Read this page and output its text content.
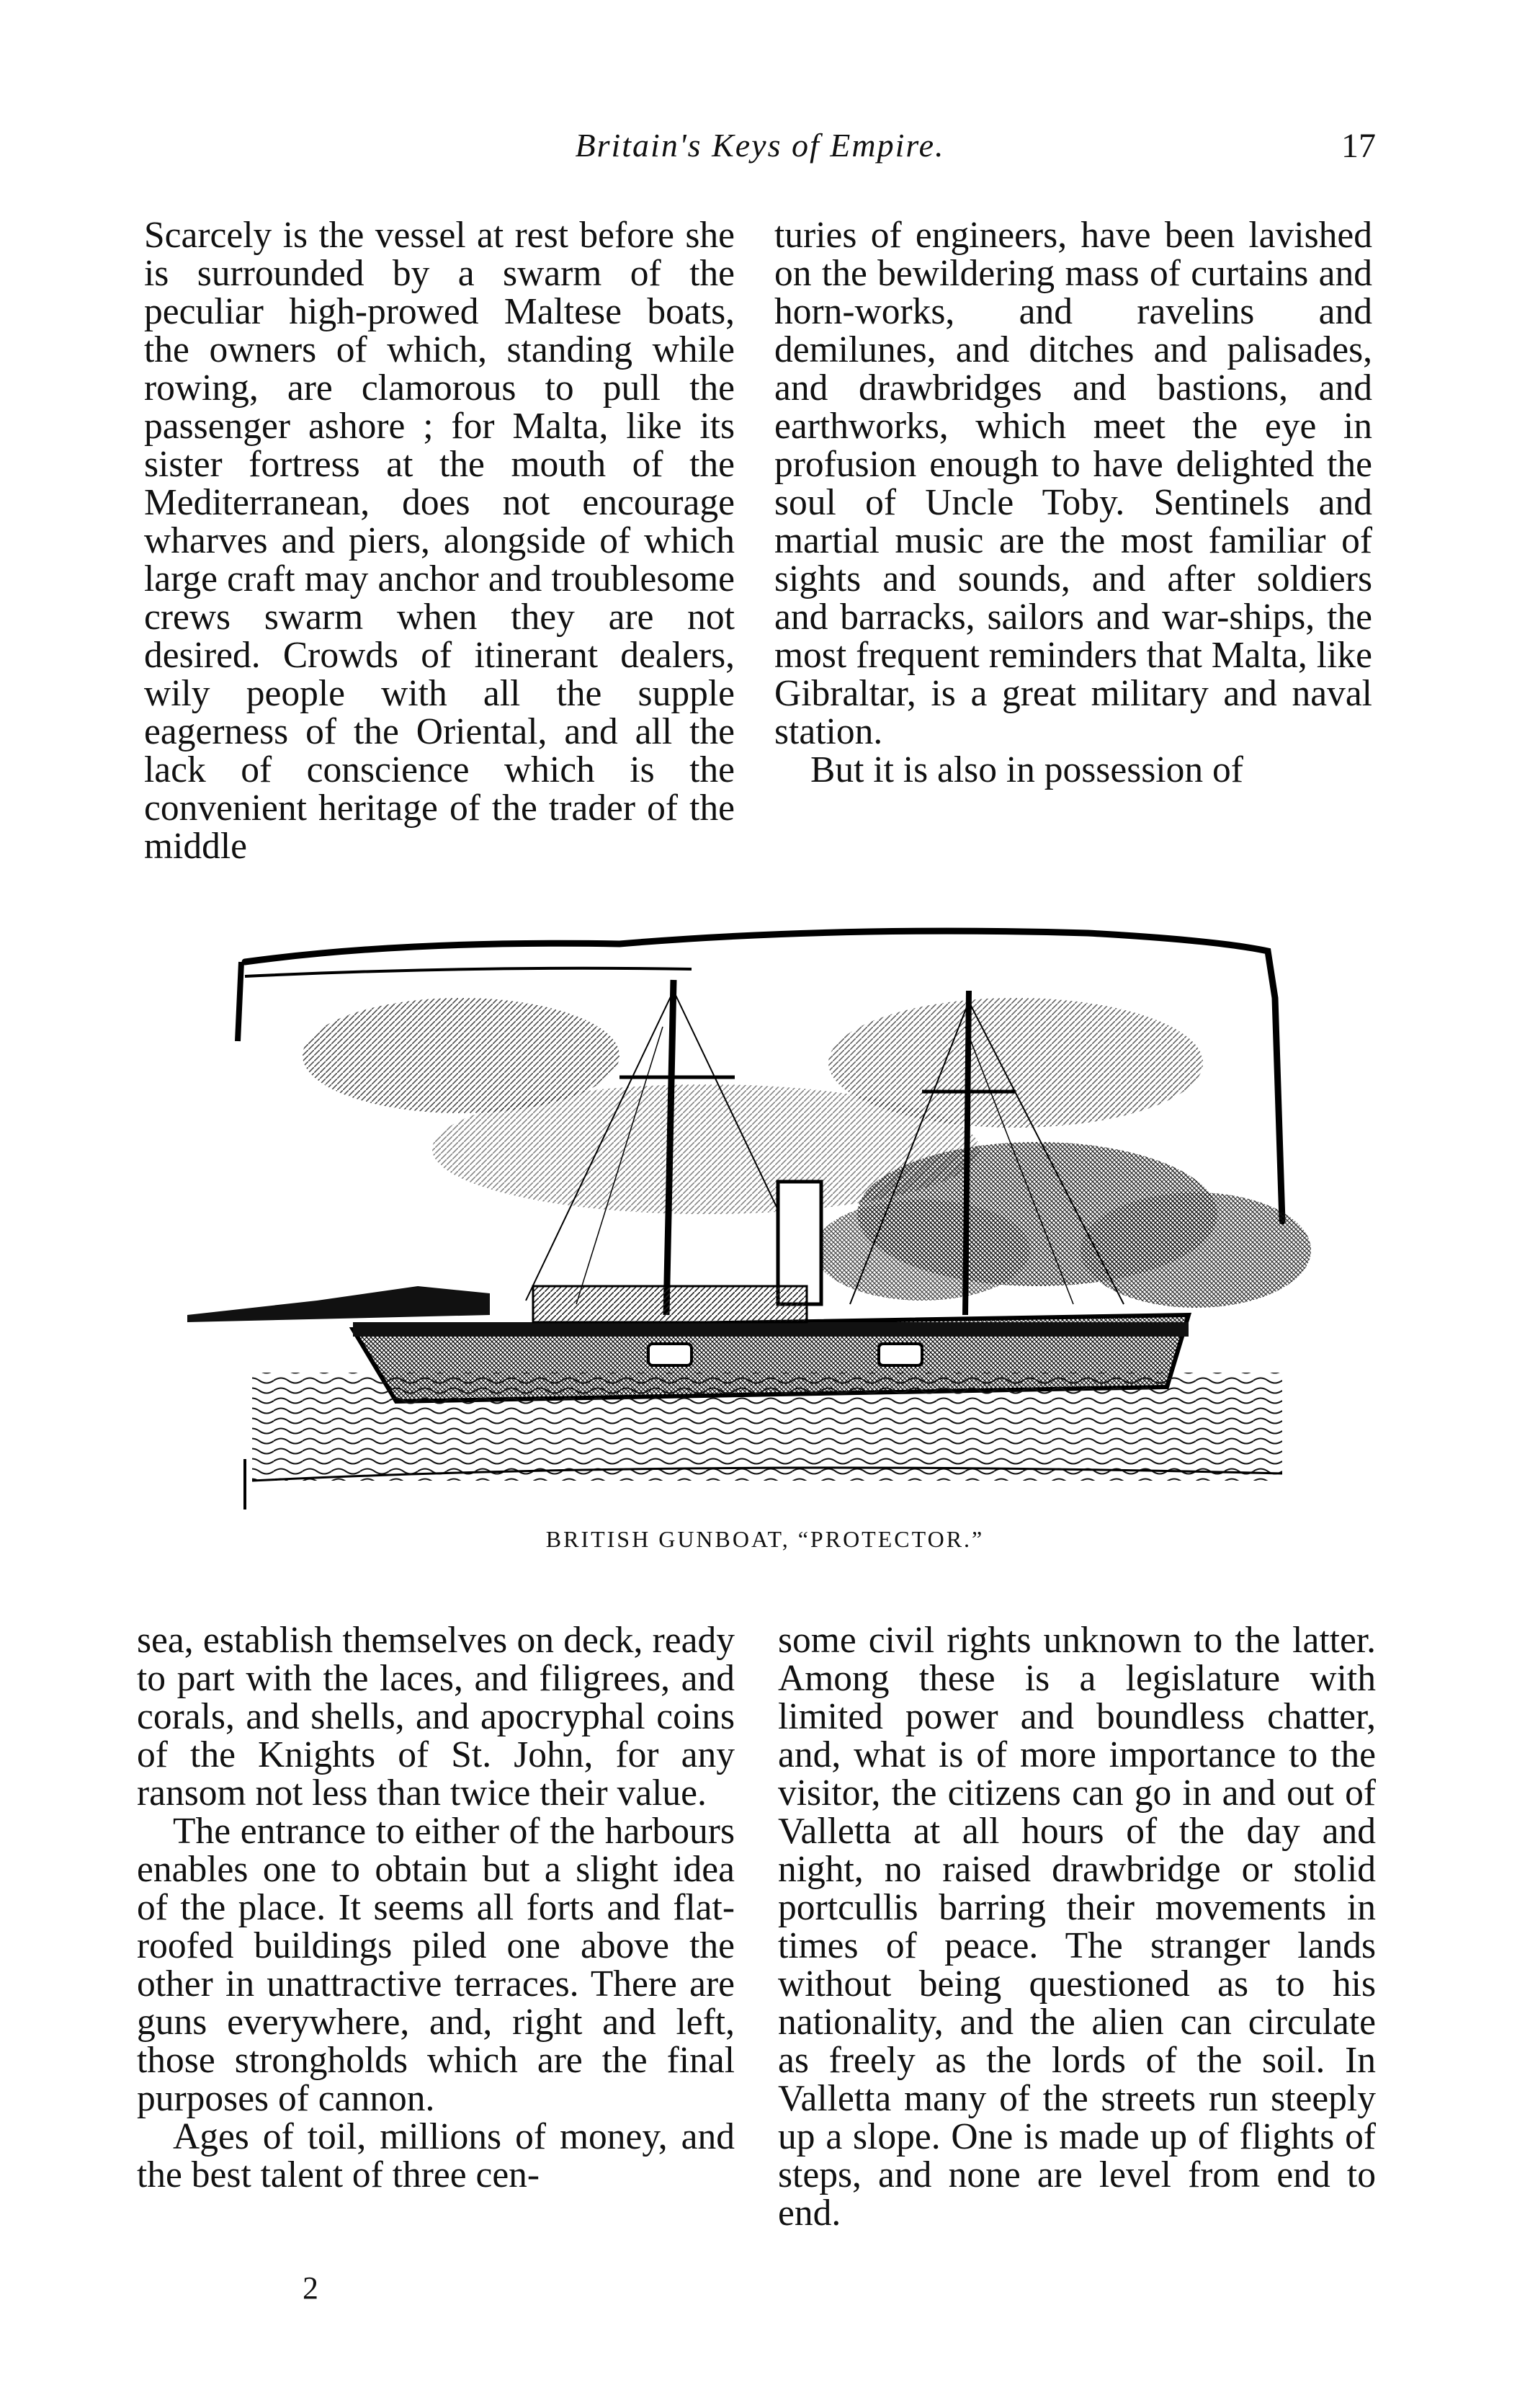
Britain's Keys of Empire.	17

Scarcely is the vessel at rest before she is surrounded by a swarm of the peculiar high-prowed Maltese boats, the owners of which, standing while rowing, are clamorous to pull the passenger ashore ; for Malta, like its sister fortress at the mouth of the Mediterranean, does not encourage wharves and piers, alongside of which large craft may anchor and troublesome crews swarm when they are not desired. Crowds of itinerant dealers, wily people with all the supple eagerness of the Oriental, and all the lack of conscience which is the convenient heritage of the trader of the middle

turies of engineers, have been lavished on the bewildering mass of curtains and horn-works, and ravelins and demilunes, and ditches and palisades, and drawbridges and bastions, and earthworks, which meet the eye in profusion enough to have delighted the soul of Uncle Toby. Sentinels and martial music are the most familiar of sights and sounds, and after soldiers and barracks, sailors and war-ships, the most frequent reminders that Malta, like Gibraltar, is a great military and naval station.

But it is also in possession of

BRITISH GUNBOAT, “PROTECTOR.”

sea, establish themselves on deck, ready to part with the laces, and filigrees, and corals, and shells, and apocryphal coins of the Knights of St. John, for any ransom not less than twice their value.

The entrance to either of the harbours enables one to obtain but a slight idea of the place. It seems all forts and flat-roofed buildings piled one above the other in unattractive terraces. There are guns everywhere, and, right and left, those strongholds which are the final purposes of cannon.

Ages of toil, millions of money, and the best talent of three cen-

some civil rights unknown to the latter. Among these is a legislature with limited power and boundless chatter, and, what is of more importance to the visitor, the citizens can go in and out of Valletta at all hours of the day and night, no raised drawbridge or stolid portcullis barring their movements in times of peace. The stranger lands without being questioned as to his nationality, and the alien can circulate as freely as the lords of the soil. In Valletta many of the streets run steeply up a slope. One is made up of flights of steps, and none are level from end to end.

2
